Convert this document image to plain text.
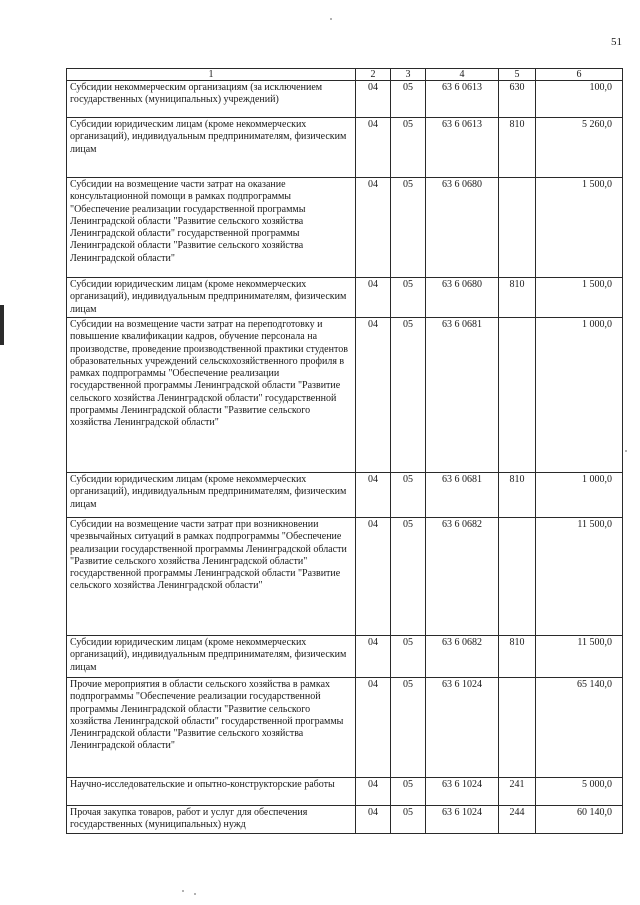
51
1	2	3	4	5	6
Субсидии некоммерческим организациям (за исключением государственных (муниципальных) учреждений)	04	05	63 6 0613	630	100,0
Субсидии юридическим лицам (кроме некоммерческих организаций), индивидуальным предпринимателям, физическим лицам	04	05	63 6 0613	810	5 260,0
Субсидии на возмещение части затрат на оказание консультационной помощи в рамках подпрограммы "Обеспечение реализации государственной программы Ленинградской области "Развитие сельского хозяйства Ленинградской области" государственной программы Ленинградской области "Развитие сельского хозяйства Ленинградской области"	04	05	63 6 0680		1 500,0
Субсидии юридическим лицам (кроме некоммерческих организаций), индивидуальным предпринимателям, физическим лицам	04	05	63 6 0680	810	1 500,0
Субсидии на возмещение части затрат на переподготовку и повышение квалификации кадров, обучение персонала на производстве, проведение производственной практики студентов образовательных учреждений сельскохозяйственного профиля в рамках подпрограммы "Обеспечение реализации государственной программы Ленинградской области "Развитие сельского хозяйства Ленинградской области" государственной программы Ленинградской области "Развитие сельского хозяйства Ленинградской области"	04	05	63 6 0681		1 000,0
Субсидии юридическим лицам (кроме некоммерческих организаций), индивидуальным предпринимателям, физическим лицам	04	05	63 6 0681	810	1 000,0
Субсидии на возмещение части затрат при возникновении чрезвычайных ситуаций в рамках подпрограммы "Обеспечение реализации государственной программы Ленинградской области "Развитие сельского хозяйства Ленинградской области" государственной программы Ленинградской области "Развитие сельского хозяйства Ленинградской области"	04	05	63 6 0682		11 500,0
Субсидии юридическим лицам (кроме некоммерческих организаций), индивидуальным предпринимателям, физическим лицам	04	05	63 6 0682	810	11 500,0
Прочие мероприятия в области сельского хозяйства в рамках подпрограммы "Обеспечение реализации государственной программы Ленинградской области "Развитие сельского хозяйства Ленинградской области" государственной программы Ленинградской области "Развитие сельского хозяйства Ленинградской области"	04	05	63 6 1024		65 140,0
Научно-исследовательские и опытно-конструкторские работы	04	05	63 6 1024	241	5 000,0
Прочая закупка товаров, работ и услуг для обеспечения государственных (муниципальных) нужд	04	05	63 6 1024	244	60 140,0
